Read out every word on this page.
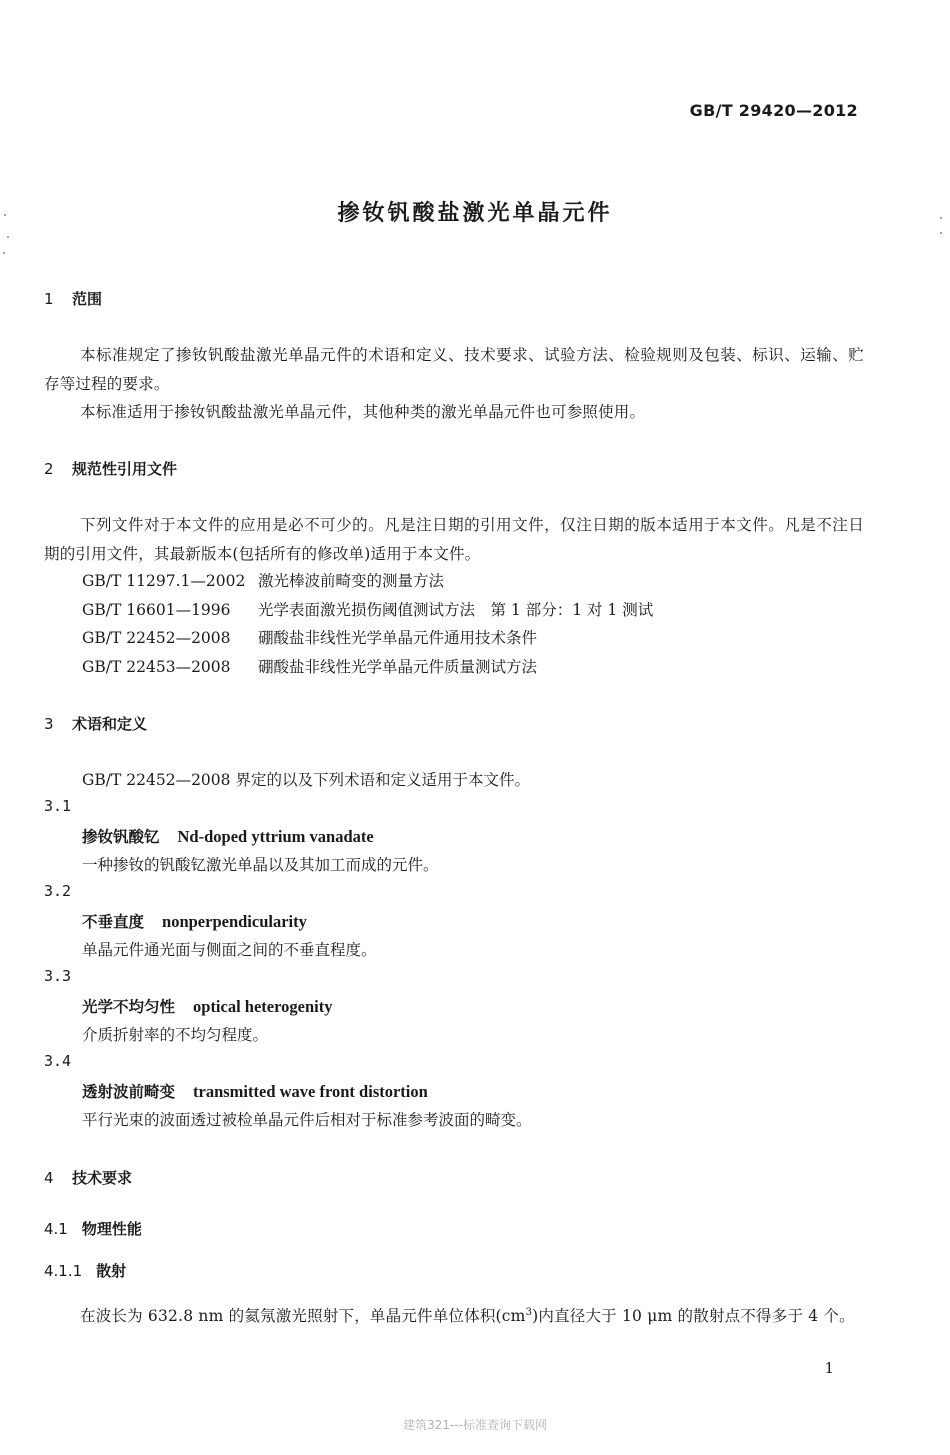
GB/T 29420—2012
掺钕钒酸盐激光单晶元件
1 范围
本标准规定了掺钕钒酸盐激光单晶元件的术语和定义、技术要求、试验方法、检验规则及包装、标识、运输、贮存等过程的要求。
本标准适用于掺钕钒酸盐激光单晶元件，其他种类的激光单晶元件也可参照使用。
2 规范性引用文件
下列文件对于本文件的应用是必不可少的。凡是注日期的引用文件，仅注日期的版本适用于本文件。凡是不注日期的引用文件，其最新版本(包括所有的修改单)适用于本文件。
GB/T 11297.1—2002 激光棒波前畸变的测量方法
GB/T 16601—1996 光学表面激光损伤阈值测试方法　第 1 部分：1 对 1 测试
GB/T 22452—2008 硼酸盐非线性光学单晶元件通用技术条件
GB/T 22453—2008 硼酸盐非线性光学单晶元件质量测试方法
3 术语和定义
GB/T 22452—2008 界定的以及下列术语和定义适用于本文件。
3.1
掺钕钒酸钇 Nd-doped yttrium vanadate
一种掺钕的钒酸钇激光单晶以及其加工而成的元件。
3.2
不垂直度 nonperpendicularity
单晶元件通光面与侧面之间的不垂直程度。
3.3
光学不均匀性 optical heterogenity
介质折射率的不均匀程度。
3.4
透射波前畸变 transmitted wave front distortion
平行光束的波面透过被检单晶元件后相对于标准参考波面的畸变。
4 技术要求
4.1 物理性能
4.1.1 散射
在波长为 632.8 nm 的氦氖激光照射下，单晶元件单位体积$(cm^3)$内直径大于 10 μm 的散射点不得多于 4 个。
1
建筑321---标准查询下载网
